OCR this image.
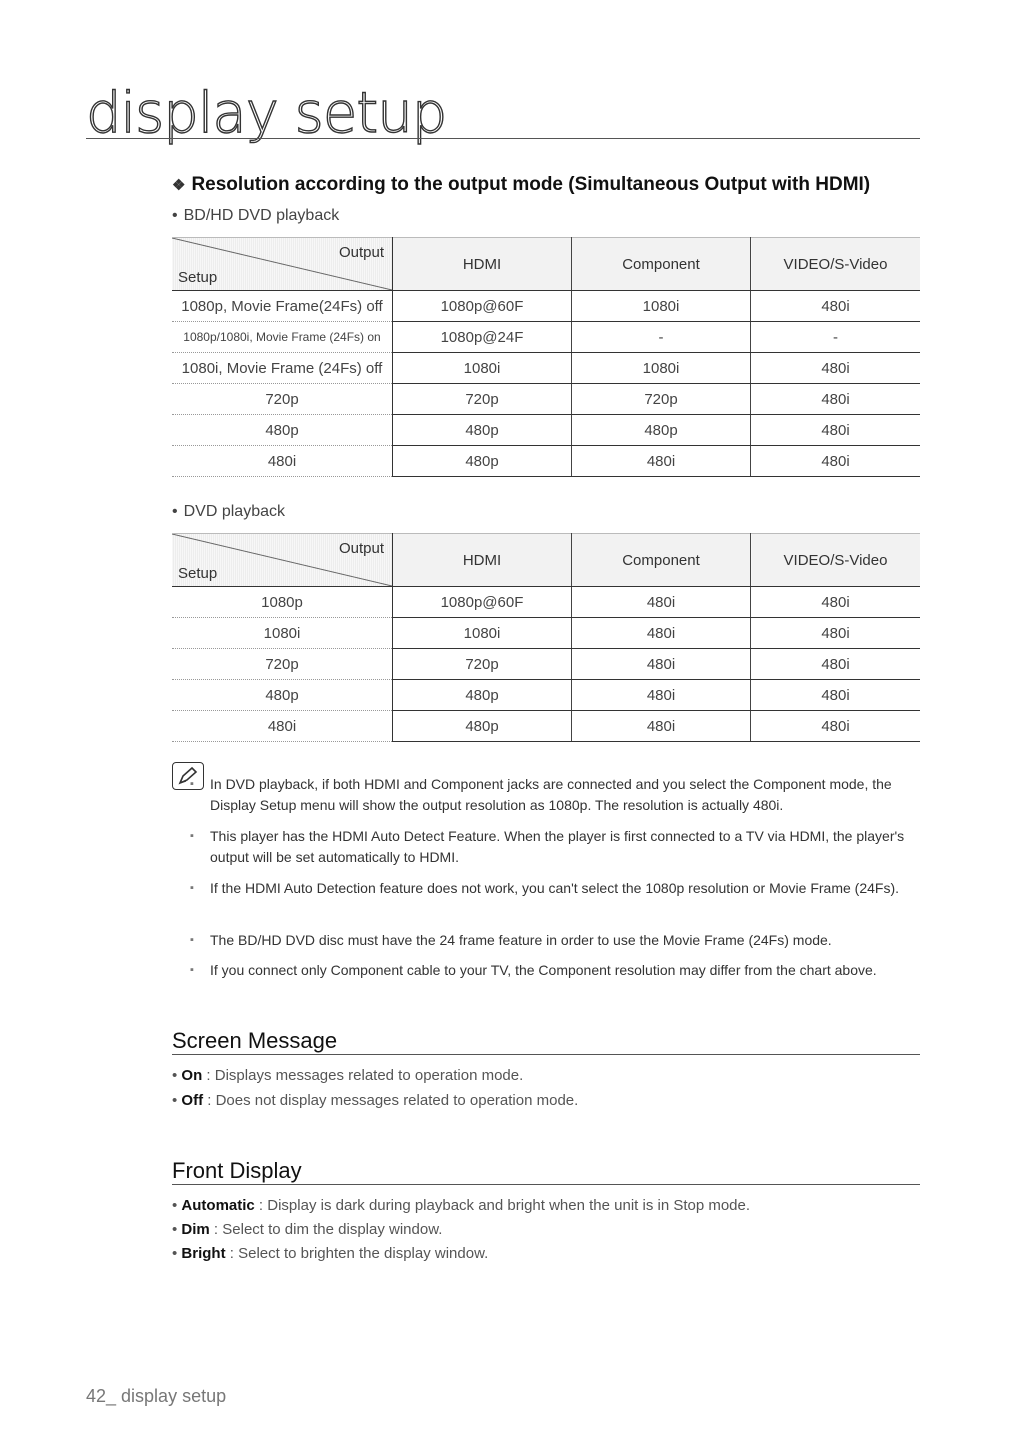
display setup
❖ Resolution according to the output mode (Simultaneous Output with HDMI)
• BD/HD DVD playback
Output
Setup	HDMI	Component	VIDEO/S-Video
1080p, Movie Frame(24Fs) off	1080p@60F	1080i	480i
1080p/1080i, Movie Frame (24Fs) on	1080p@24F	-	-
1080i, Movie Frame (24Fs) off	1080i	1080i	480i
720p	720p	720p	480i
480p	480p	480p	480i
480i	480p	480i	480i
• DVD playback
Output
Setup	HDMI	Component	VIDEO/S-Video
1080p	1080p@60F	480i	480i
1080i	1080i	480i	480i
720p	720p	480i	480i
480p	480p	480i	480i
480i	480p	480i	480i
▪ In DVD playback, if both HDMI and Component jacks are connected and you select the Component mode, the Display Setup menu will show the output resolution as 1080p. The resolution is actually 480i.
▪ This player has the HDMI Auto Detect Feature. When the player is first connected to a TV via HDMI, the player's output will be set automatically to HDMI.
▪ If the HDMI Auto Detection feature does not work, you can't select the 1080p resolution or Movie Frame (24Fs).
▪ The BD/HD DVD disc must have the 24 frame feature in order to use the Movie Frame (24Fs) mode.
▪ If you connect only Component cable to your TV, the Component resolution may differ from the chart above.
Screen Message
• On : Displays messages related to operation mode.
• Off : Does not display messages related to operation mode.
Front Display
• Automatic : Display is dark during playback and bright when the unit is in Stop mode.
• Dim : Select to dim the display window.
• Bright : Select to brighten the display window.
42_ display setup
